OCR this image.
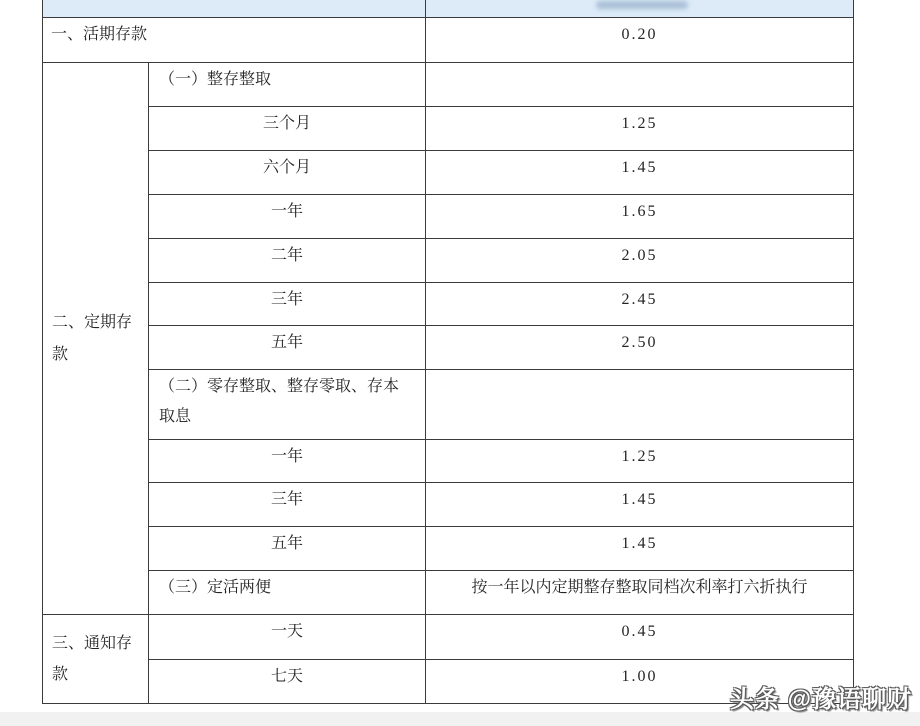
一、活期存款		0.20
二、定期存款	（一）整存整取	
	三个月	1.25
	六个月	1.45
	一年	1.65
	二年	2.05
	三年	2.45
	五年	2.50
	（二）零存整取、整存零取、存本取息	
	一年	1.25
	三年	1.45
	五年	1.45
	（三）定活两便	按一年以内定期整存整取同档次利率打六折执行
三、通知存款	一天	0.45
	七天	1.00
头条 @豫语聊财
